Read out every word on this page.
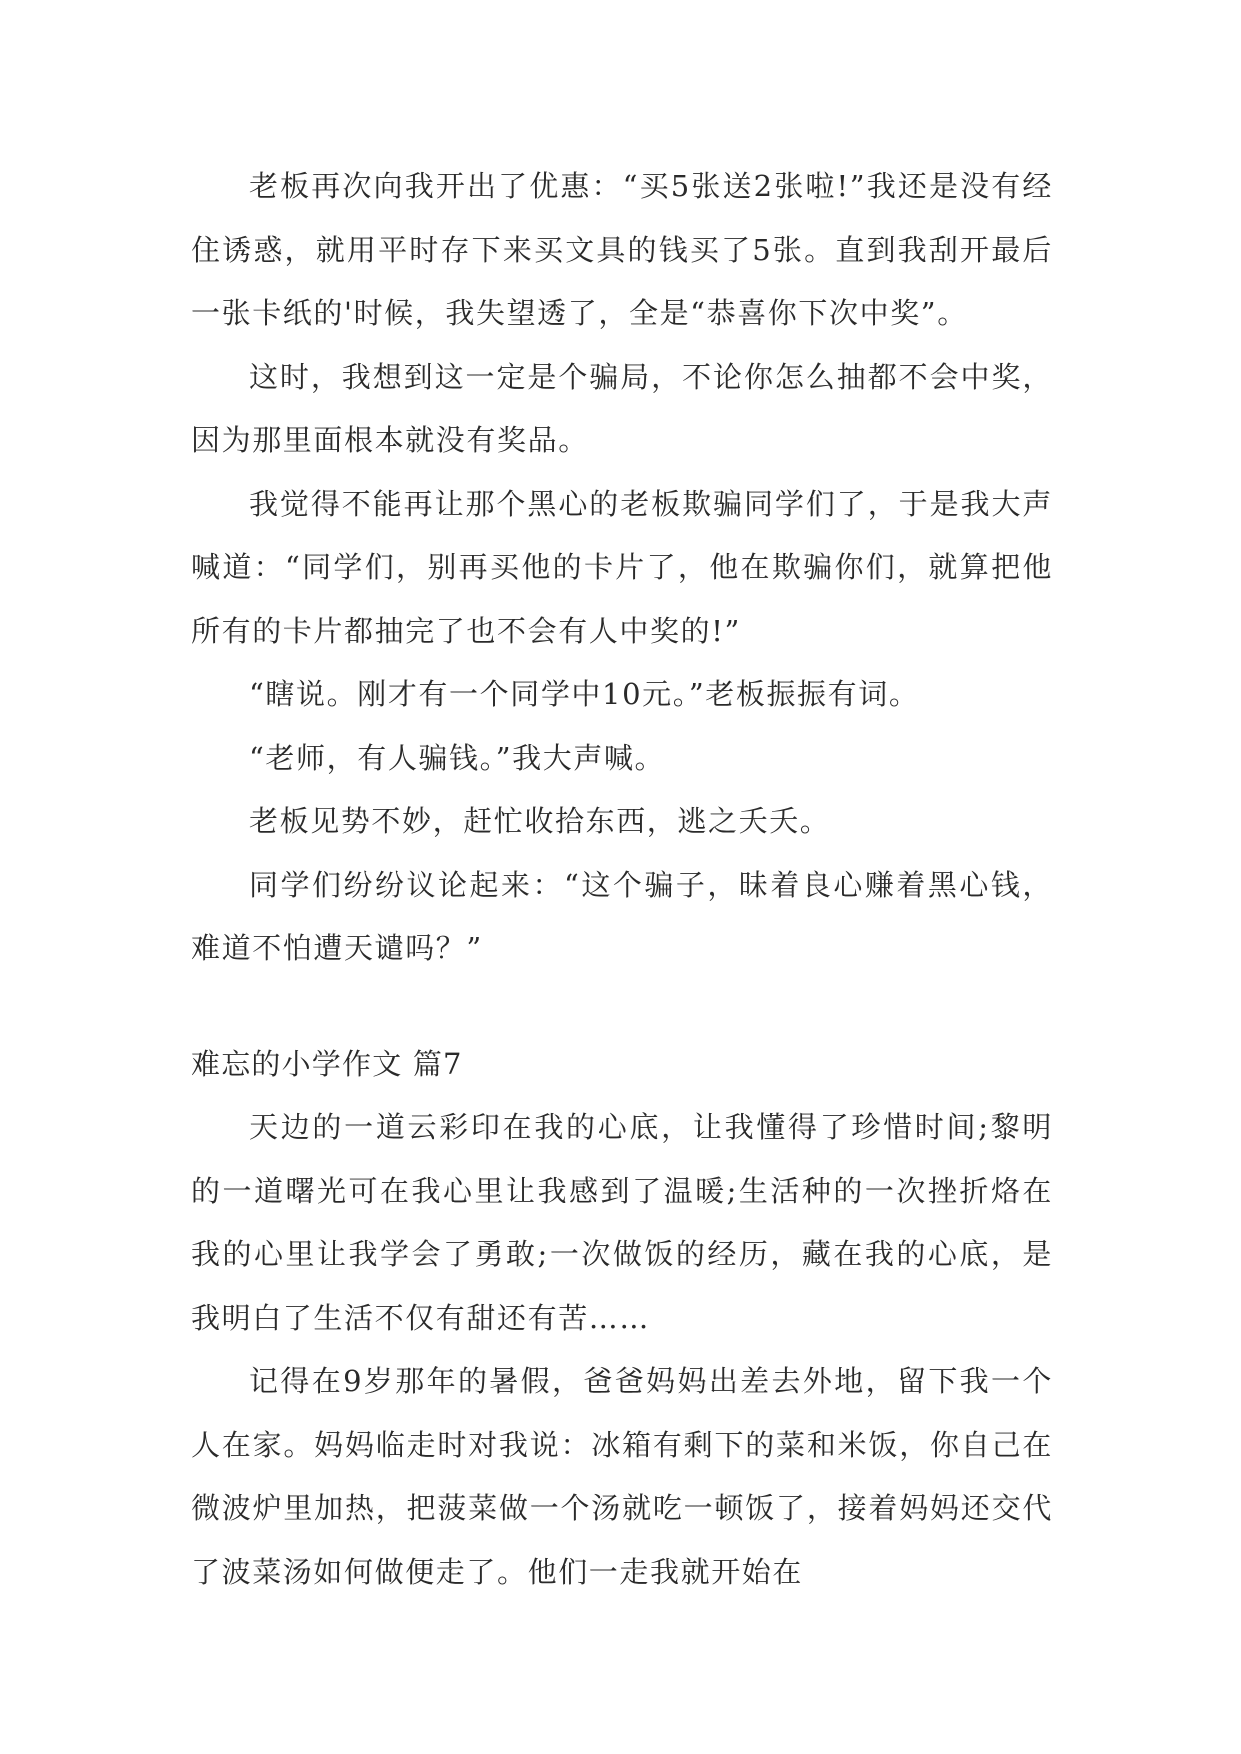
老板再次向我开出了优惠：“买5张送2张啦!”我还是没有经住诱惑，就用平时存下来买文具的钱买了5张。直到我刮开最后一张卡纸的'时候，我失望透了，全是“恭喜你下次中奖”。

这时，我想到这一定是个骗局，不论你怎么抽都不会中奖，因为那里面根本就没有奖品。

我觉得不能再让那个黑心的老板欺骗同学们了，于是我大声喊道：“同学们，别再买他的卡片了，他在欺骗你们，就算把他所有的卡片都抽完了也不会有人中奖的!”

“瞎说。刚才有一个同学中10元。”老板振振有词。

“老师，有人骗钱。”我大声喊。

老板见势不妙，赶忙收拾东西，逃之夭夭。

同学们纷纷议论起来：“这个骗子，昧着良心赚着黑心钱，难道不怕遭天谴吗？”

难忘的小学作文 篇7

天边的一道云彩印在我的心底，让我懂得了珍惜时间;黎明的一道曙光可在我心里让我感到了温暖;生活种的一次挫折烙在我的心里让我学会了勇敢;一次做饭的经历，藏在我的心底，是我明白了生活不仅有甜还有苦……

记得在9岁那年的暑假，爸爸妈妈出差去外地，留下我一个人在家。妈妈临走时对我说：冰箱有剩下的菜和米饭，你自己在微波炉里加热，把菠菜做一个汤就吃一顿饭了，接着妈妈还交代了波菜汤如何做便走了。他们一走我就开始在
